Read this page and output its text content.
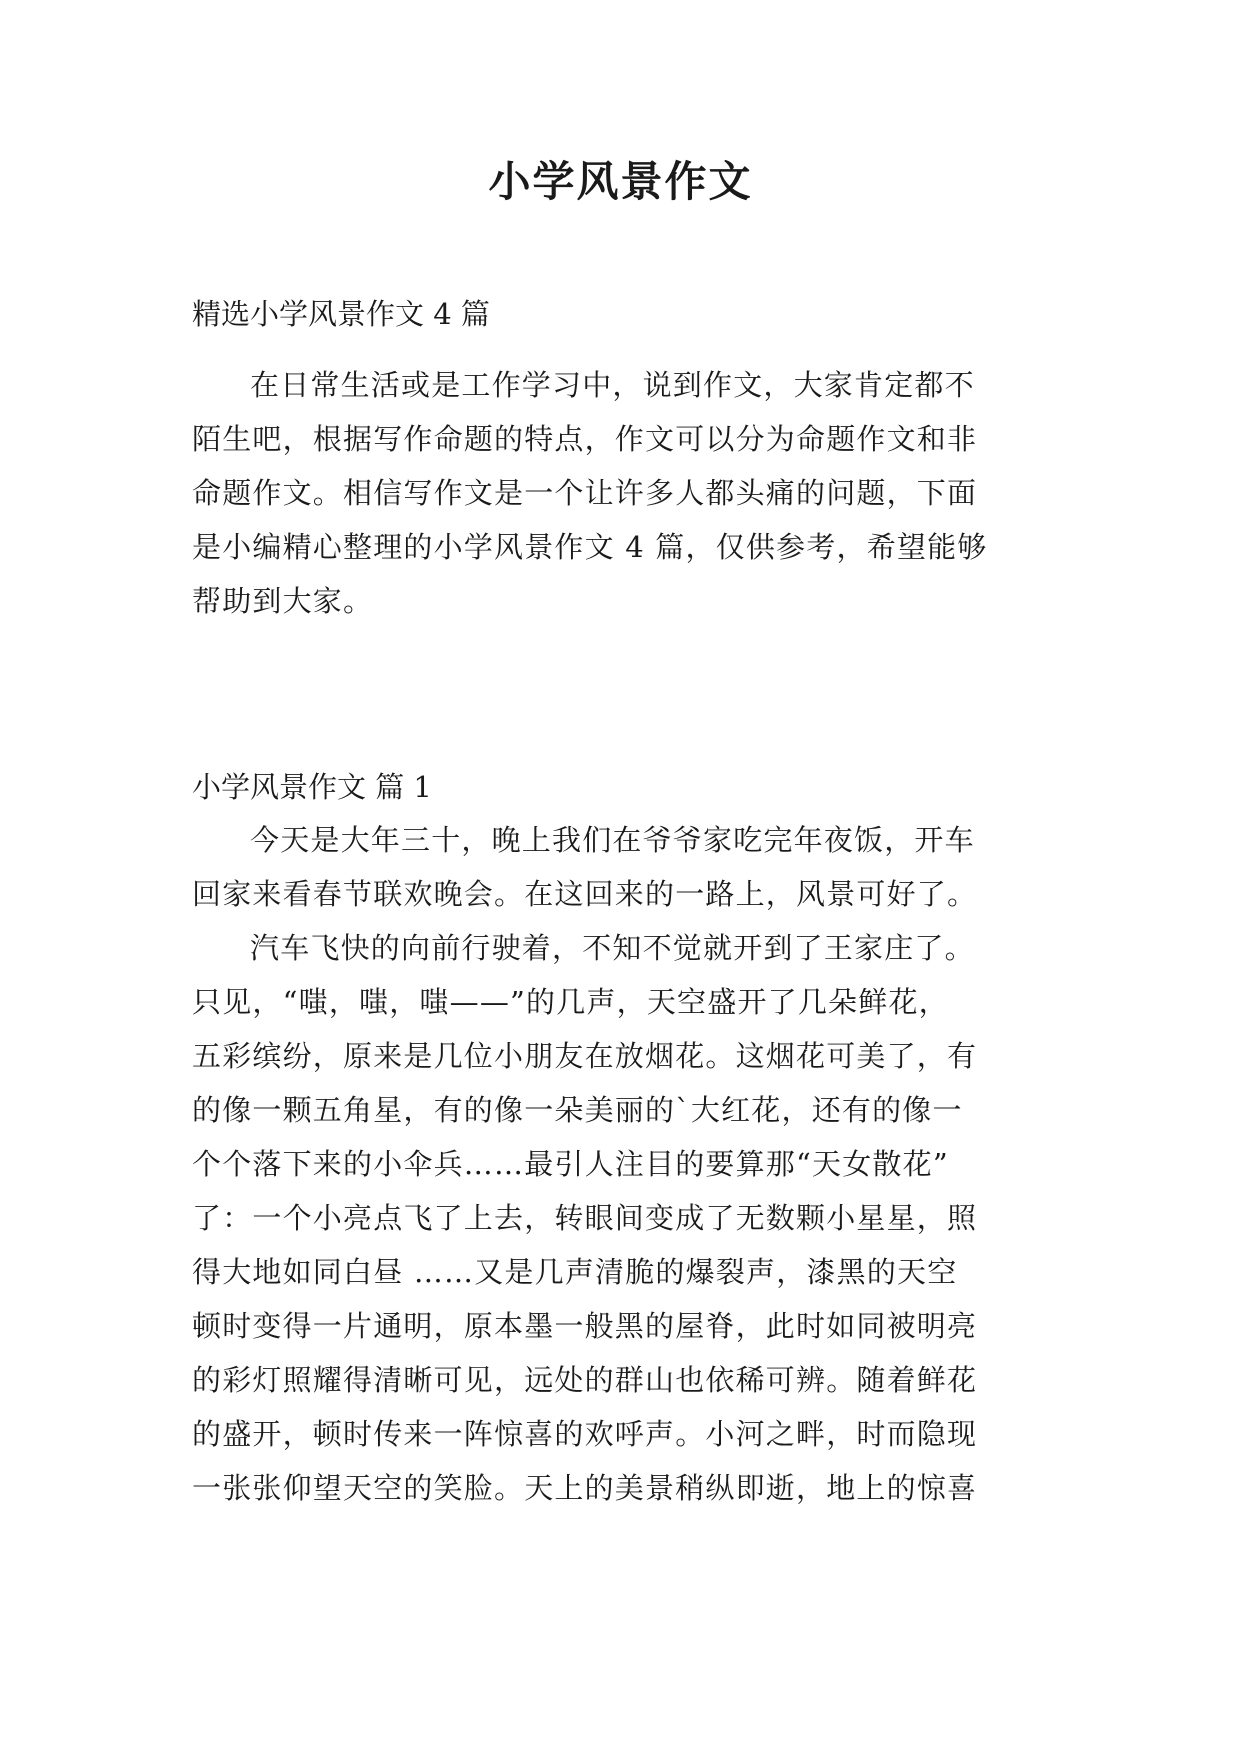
小学风景作文

精选小学风景作文 4 篇

在日常生活或是工作学习中，说到作文，大家肯定都不

陌生吧，根据写作命题的特点，作文可以分为命题作文和非

命题作文。相信写作文是一个让许多人都头痛的问题，下面

是小编精心整理的小学风景作文 4 篇，仅供参考，希望能够

帮助到大家。

小学风景作文 篇 1

今天是大年三十，晚上我们在爷爷家吃完年夜饭，开车

回家来看春节联欢晚会。在这回来的一路上，风景可好了。

汽车飞快的向前行驶着，不知不觉就开到了王家庄了。

只见，“嗤，嗤，嗤——”的几声，天空盛开了几朵鲜花，

五彩缤纷，原来是几位小朋友在放烟花。这烟花可美了，有

的像一颗五角星，有的像一朵美丽的`大红花，还有的像一

个个落下来的小伞兵……最引人注目的要算那“天女散花”

了：一个小亮点飞了上去，转眼间变成了无数颗小星星，照

得大地如同白昼 ……又是几声清脆的爆裂声，漆黑的天空

顿时变得一片通明，原本墨一般黑的屋脊，此时如同被明亮

的彩灯照耀得清晰可见，远处的群山也依稀可辨。随着鲜花

的盛开，顿时传来一阵惊喜的欢呼声。小河之畔，时而隐现

一张张仰望天空的笑脸。天上的美景稍纵即逝，地上的惊喜
